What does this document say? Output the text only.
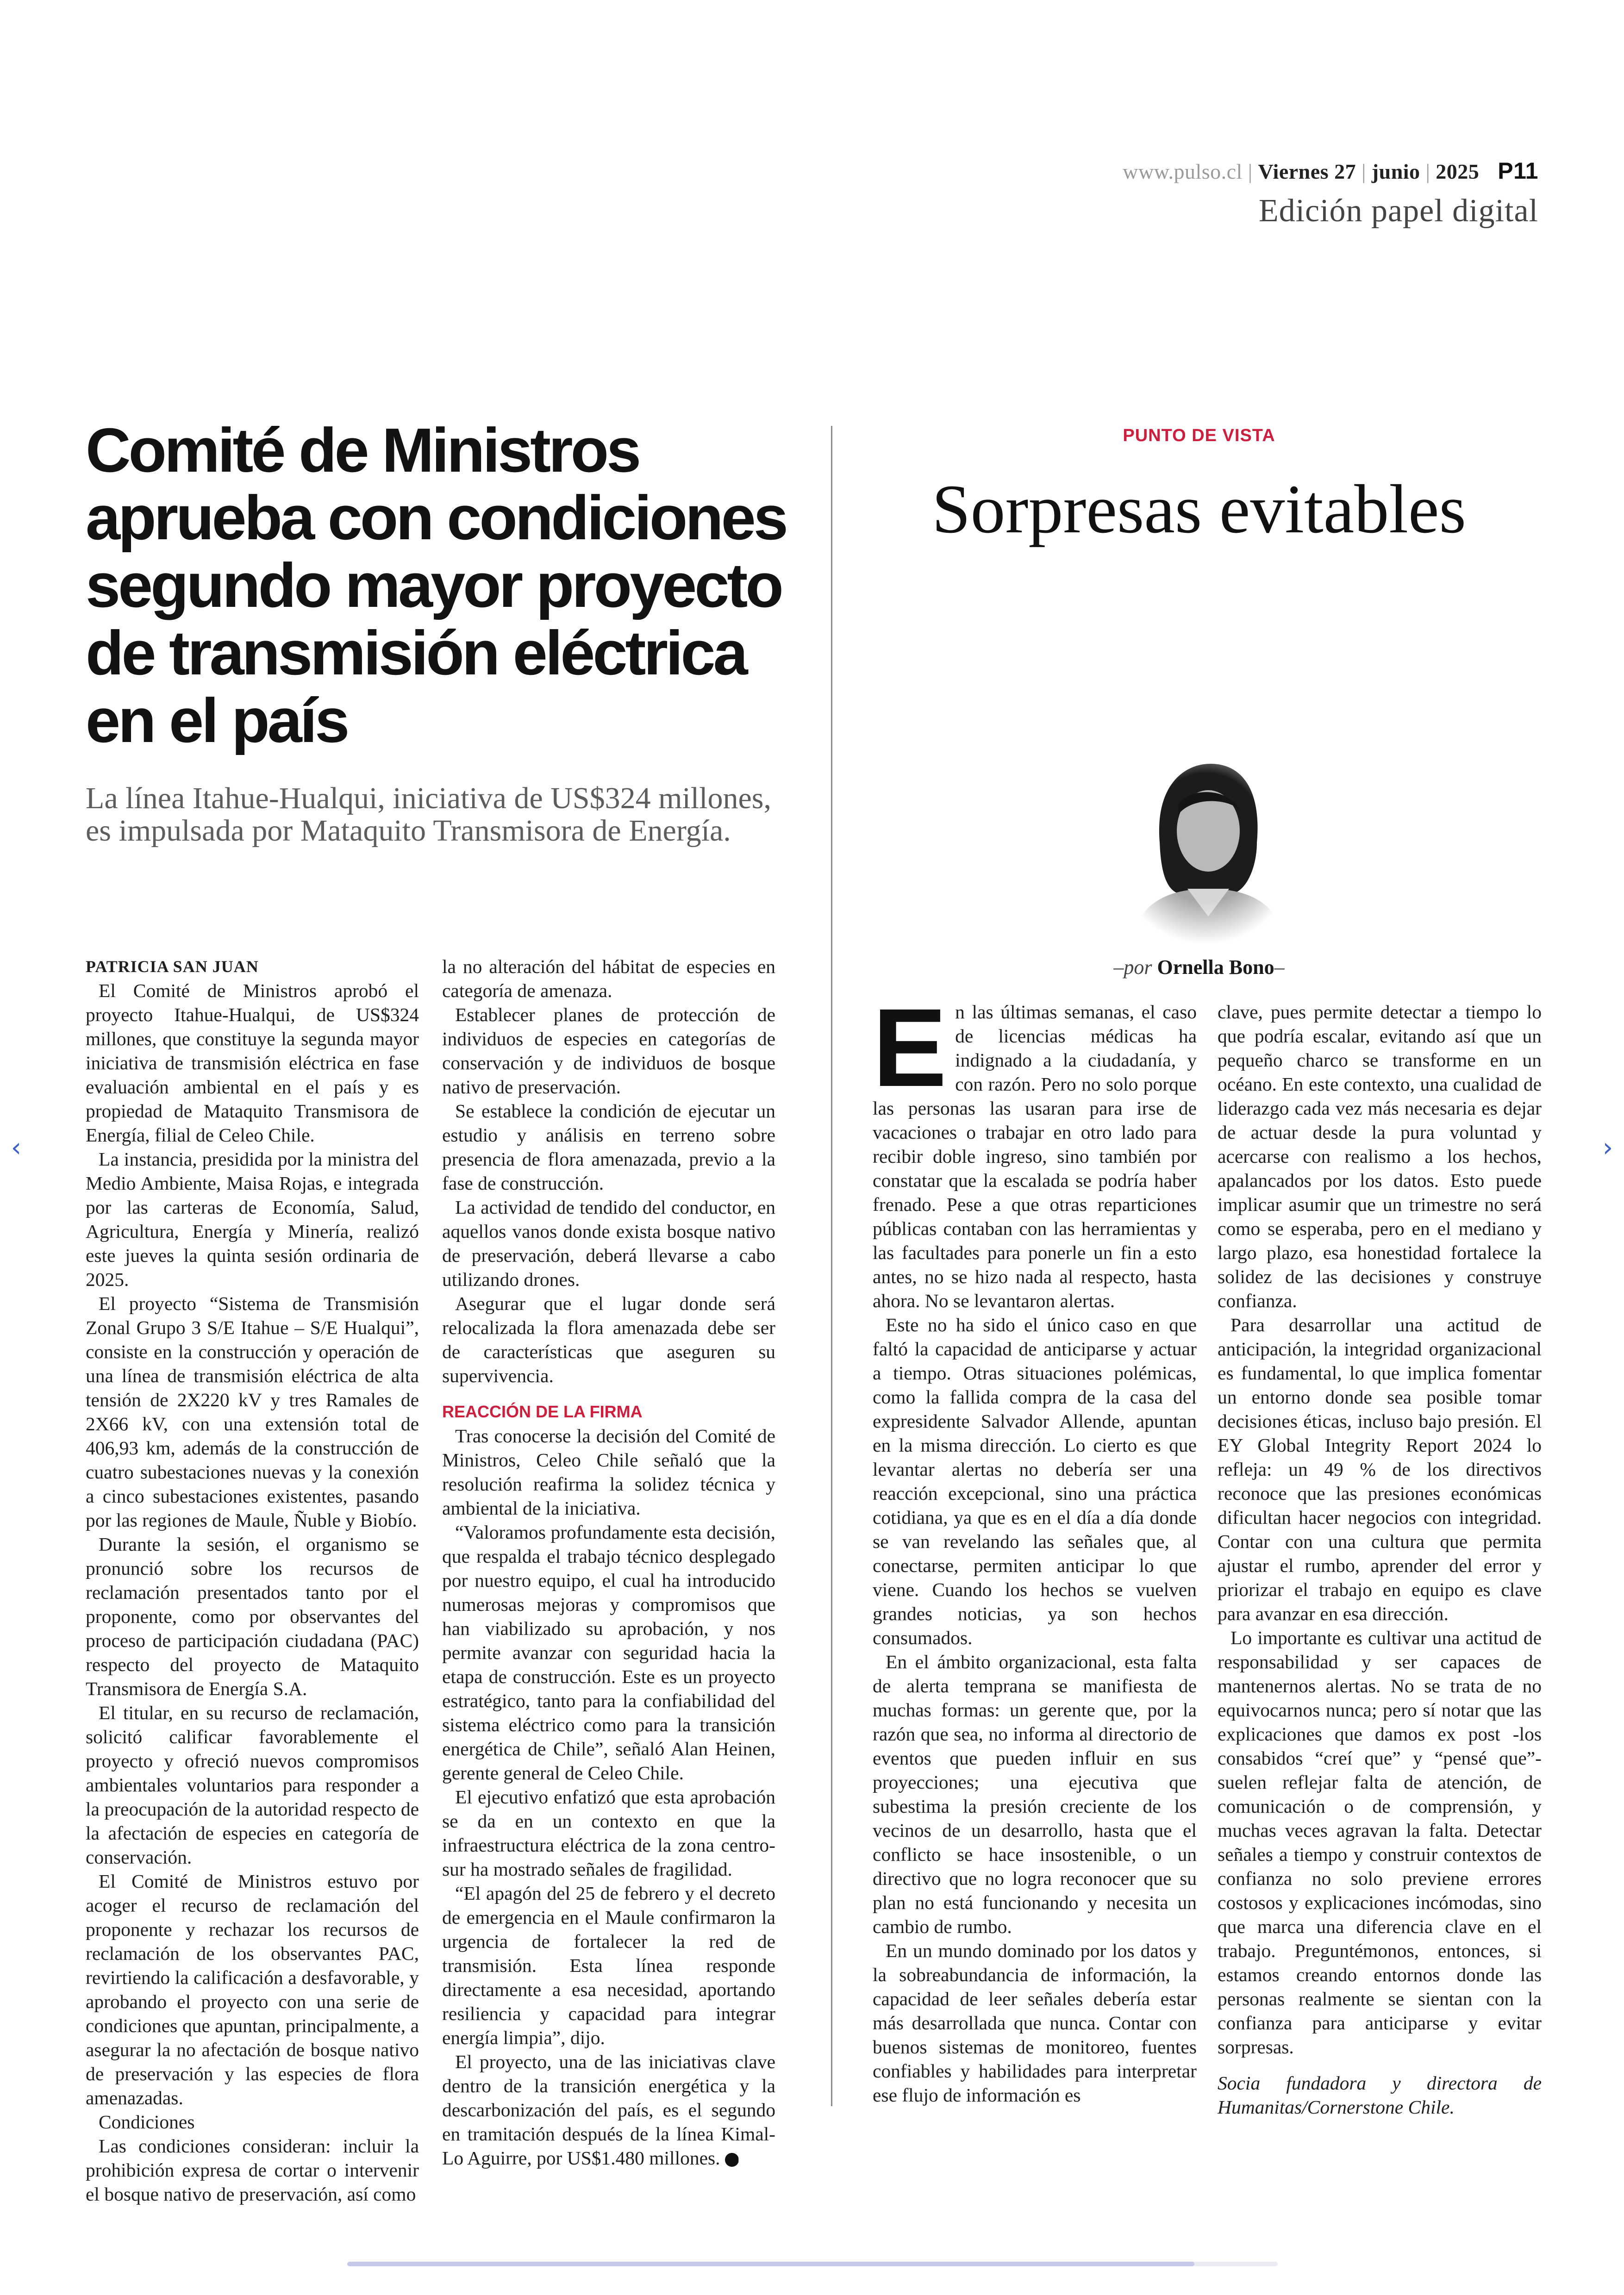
www.pulso.cl | Viernes 27 | junio | 2025 P11
Edición papel digital
Comité de Ministros aprueba con condiciones segundo mayor proyecto de transmisión eléctrica en el país
La línea Itahue-Hualqui, iniciativa de US$324 millones, es impulsada por Mataquito Transmisora de Energía.
PATRICIA SAN JUAN

El Comité de Ministros aprobó el proyecto Itahue-Hualqui, de US$324 millones, que constituye la segunda mayor iniciativa de transmisión eléctrica en fase evaluación ambiental en el país y es propiedad de Mataquito Transmisora de Energía, filial de Celeo Chile.

La instancia, presidida por la ministra del Medio Ambiente, Maisa Rojas, e integrada por las carteras de Economía, Salud, Agricultura, Energía y Minería, realizó este jueves la quinta sesión ordinaria de 2025.

El proyecto “Sistema de Transmisión Zonal Grupo 3 S/E Itahue – S/E Hualqui”, consiste en la construcción y operación de una línea de transmisión eléctrica de alta tensión de 2X220 kV y tres Ramales de 2X66 kV, con una extensión total de 406,93 km, además de la construcción de cuatro subestaciones nuevas y la conexión a cinco subestaciones existentes, pasando por las regiones de Maule, Ñuble y Biobío.

Durante la sesión, el organismo se pronunció sobre los recursos de reclamación presentados tanto por el proponente, como por observantes del proceso de participación ciudadana (PAC) respecto del proyecto de Mataquito Transmisora de Energía S.A.

El titular, en su recurso de reclamación, solicitó calificar favorablemente el proyecto y ofreció nuevos compromisos ambientales voluntarios para responder a la preocupación de la autoridad respecto de la afectación de especies en categoría de conservación.

El Comité de Ministros estuvo por acoger el recurso de reclamación del proponente y rechazar los recursos de reclamación de los observantes PAC, revirtiendo la calificación a desfavorable, y aprobando el proyecto con una serie de condiciones que apuntan, principalmente, a asegurar la no afectación de bosque nativo de preservación y las especies de flora amenazadas.

Condiciones

Las condiciones consideran: incluir la prohibición expresa de cortar o intervenir el bosque nativo de preservación, así como

la no alteración del hábitat de especies en categoría de amenaza.

Establecer planes de protección de individuos de especies en categorías de conservación y de individuos de bosque nativo de preservación.

Se establece la condición de ejecutar un estudio y análisis en terreno sobre presencia de flora amenazada, previo a la fase de construcción.

La actividad de tendido del conductor, en aquellos vanos donde exista bosque nativo de preservación, deberá llevarse a cabo utilizando drones.

Asegurar que el lugar donde será relocalizada la flora amenazada debe ser de características que aseguren su supervivencia.

REACCIÓN DE LA FIRMA

Tras conocerse la decisión del Comité de Ministros, Celeo Chile señaló que la resolución reafirma la solidez técnica y ambiental de la iniciativa.

“Valoramos profundamente esta decisión, que respalda el trabajo técnico desplegado por nuestro equipo, el cual ha introducido numerosas mejoras y compromisos que han viabilizado su aprobación, y nos permite avanzar con seguridad hacia la etapa de construcción. Este es un proyecto estratégico, tanto para la confiabilidad del sistema eléctrico como para la transición energética de Chile”, señaló Alan Heinen, gerente general de Celeo Chile.

El ejecutivo enfatizó que esta aprobación se da en un contexto en que la infraestructura eléctrica de la zona centro-sur ha mostrado señales de fragilidad.

“El apagón del 25 de febrero y el decreto de emergencia en el Maule confirmaron la urgencia de fortalecer la red de transmisión. Esta línea responde directamente a esa necesidad, aportando resiliencia y capacidad para integrar energía limpia”, dijo.

El proyecto, una de las iniciativas clave dentro de la transición energética y la descarbonización del país, es el segundo en tramitación después de la línea Kimal-Lo Aguirre, por US$1.480 millones. P

PUNTO DE VISTA
Sorpresas evitables
–por Ornella Bono–

En las últimas semanas, el caso de licencias médicas ha indignado a la ciudadanía, y con razón. Pero no solo porque las personas las usaran para irse de vacaciones o trabajar en otro lado para recibir doble ingreso, sino también por constatar que la escalada se podría haber frenado. Pese a que otras reparticiones públicas contaban con las herramientas y las facultades para ponerle un fin a esto antes, no se hizo nada al respecto, hasta ahora. No se levantaron alertas.

Este no ha sido el único caso en que faltó la capacidad de anticiparse y actuar a tiempo. Otras situaciones polémicas, como la fallida compra de la casa del expresidente Salvador Allende, apuntan en la misma dirección. Lo cierto es que levantar alertas no debería ser una reacción excepcional, sino una práctica cotidiana, ya que es en el día a día donde se van revelando las señales que, al conectarse, permiten anticipar lo que viene. Cuando los hechos se vuelven grandes noticias, ya son hechos consumados.

En el ámbito organizacional, esta falta de alerta temprana se manifiesta de muchas formas: un gerente que, por la razón que sea, no informa al directorio de eventos que pueden influir en sus proyecciones; una ejecutiva que subestima la presión creciente de los vecinos de un desarrollo, hasta que el conflicto se hace insostenible, o un directivo que no logra reconocer que su plan no está funcionando y necesita un cambio de rumbo.

En un mundo dominado por los datos y la sobreabundancia de información, la capacidad de leer señales debería estar más desarrollada que nunca. Contar con buenos sistemas de monitoreo, fuentes confiables y habilidades para interpretar ese flujo de información es

clave, pues permite detectar a tiempo lo que podría escalar, evitando así que un pequeño charco se transforme en un océano. En este contexto, una cualidad de liderazgo cada vez más necesaria es dejar de actuar desde la pura voluntad y acercarse con realismo a los hechos, apalancados por los datos. Esto puede implicar asumir que un trimestre no será como se esperaba, pero en el mediano y largo plazo, esa honestidad fortalece la solidez de las decisiones y construye confianza.

Para desarrollar una actitud de anticipación, la integridad organizacional es fundamental, lo que implica fomentar un entorno donde sea posible tomar decisiones éticas, incluso bajo presión. El EY Global Integrity Report 2024 lo refleja: un 49 % de los directivos reconoce que las presiones económicas dificultan hacer negocios con integridad. Contar con una cultura que permita ajustar el rumbo, aprender del error y priorizar el trabajo en equipo es clave para avanzar en esa dirección.

Lo importante es cultivar una actitud de responsabilidad y ser capaces de mantenernos alertas. No se trata de no equivocarnos nunca; pero sí notar que las explicaciones que damos ex post -los consabidos “creí que” y “pensé que”- suelen reflejar falta de atención, de comunicación o de comprensión, y muchas veces agravan la falta. Detectar señales a tiempo y construir contextos de confianza no solo previene errores costosos y explicaciones incómodas, sino que marca una diferencia clave en el trabajo. Preguntémonos, entonces, si estamos creando entornos donde las personas realmente se sientan con la confianza para anticiparse y evitar sorpresas.

Socia fundadora y directora de Humanitas/Cornerstone Chile.

‹	›
